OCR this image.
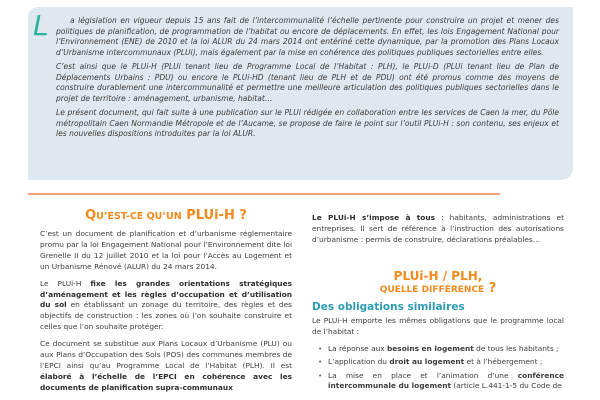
a législation en vigueur depuis 15 ans fait de l’intercommunalité l’échelle pertinente pour construire un projet et mener des politiques de planification, de programmation de l’habitat ou encore de déplacements. En effet, les lois Engagement National pour l’Environnement (ENE) de 2010 et la loi ALUR du 24 mars 2014 ont entériné cette dynamique, par la promotion des Plans Locaux d’Urbanisme intercommunaux (PLUi), mais également par la mise en cohérence des politiques publiques sectorielles entre elles.

C’est ainsi que le PLUi-H (PLUi tenant lieu de Programme Local de l’Habitat : PLH), le PLUi-D (PLUi tenant lieu de Plan de Déplacements Urbains : PDU) ou encore le PLUi-HD (tenant lieu de PLH et de PDU) ont été promus comme des moyens de construire durablement une intercommunalité et permettre une meilleure articulation des politiques publiques sectorielles dans le projet de territoire : aménagement, urbanisme, habitat…

Le présent document, qui fait suite à une publication sur le PLUi rédigée en collaboration entre les services de Caen la mer, du Pôle métropolitain Caen Normandie Métropole et de l’Aucame, se propose de faire le point sur l’outil PLUi-H : son contenu, ses enjeux et les nouvelles dispositions introduites par la loi ALUR.

L
QU’EST-CE QU’UN PLUi-H ?

C’est un document de planification et d’urbanisme réglementaire promu par la loi Engagement National pour l’Environnement dite loi Grenelle II du 12 juillet 2010 et la loi pour l’Accès au Logement et un Urbanisme Rénové (ALUR) du 24 mars 2014.

Le PLUi-H fixe les grandes orientations stratégiques d’aménagement et les règles d’occupation et d’utilisation du sol en établissant un zonage du territoire, des règles et des objectifs de construction : les zones où l’on souhaite construire et celles que l’on souhaite protéger.

Ce document se substitue aux Plans Locaux d’Urbanisme (PLU) ou aux Plans d’Occupation des Sols (POS) des communes membres de l’EPCI ainsi qu’au Programme Local de l’Habitat (PLH). Il est élaboré à l’échelle de l’EPCI en cohérence avec les documents de planification supra-communaux

Le PLUi-H s’impose à tous : habitants, administrations et entreprises. Il sert de référence à l’instruction des autorisations d’urbanisme : permis de construire, déclarations préalables…

PLUi-H / PLH,
QUELLE DIFFÉRENCE ?
Des obligations similaires

Le PLUi-H emporte les mêmes obligations que le programme local de l’habitat :

• La réponse aux besoins en logement de tous les habitants ;
• L’application du droit au logement et à l’hébergement ;
• La mise en place et l’animation d’une conférence intercommunale du logement (article L.441-1-5 du Code de
